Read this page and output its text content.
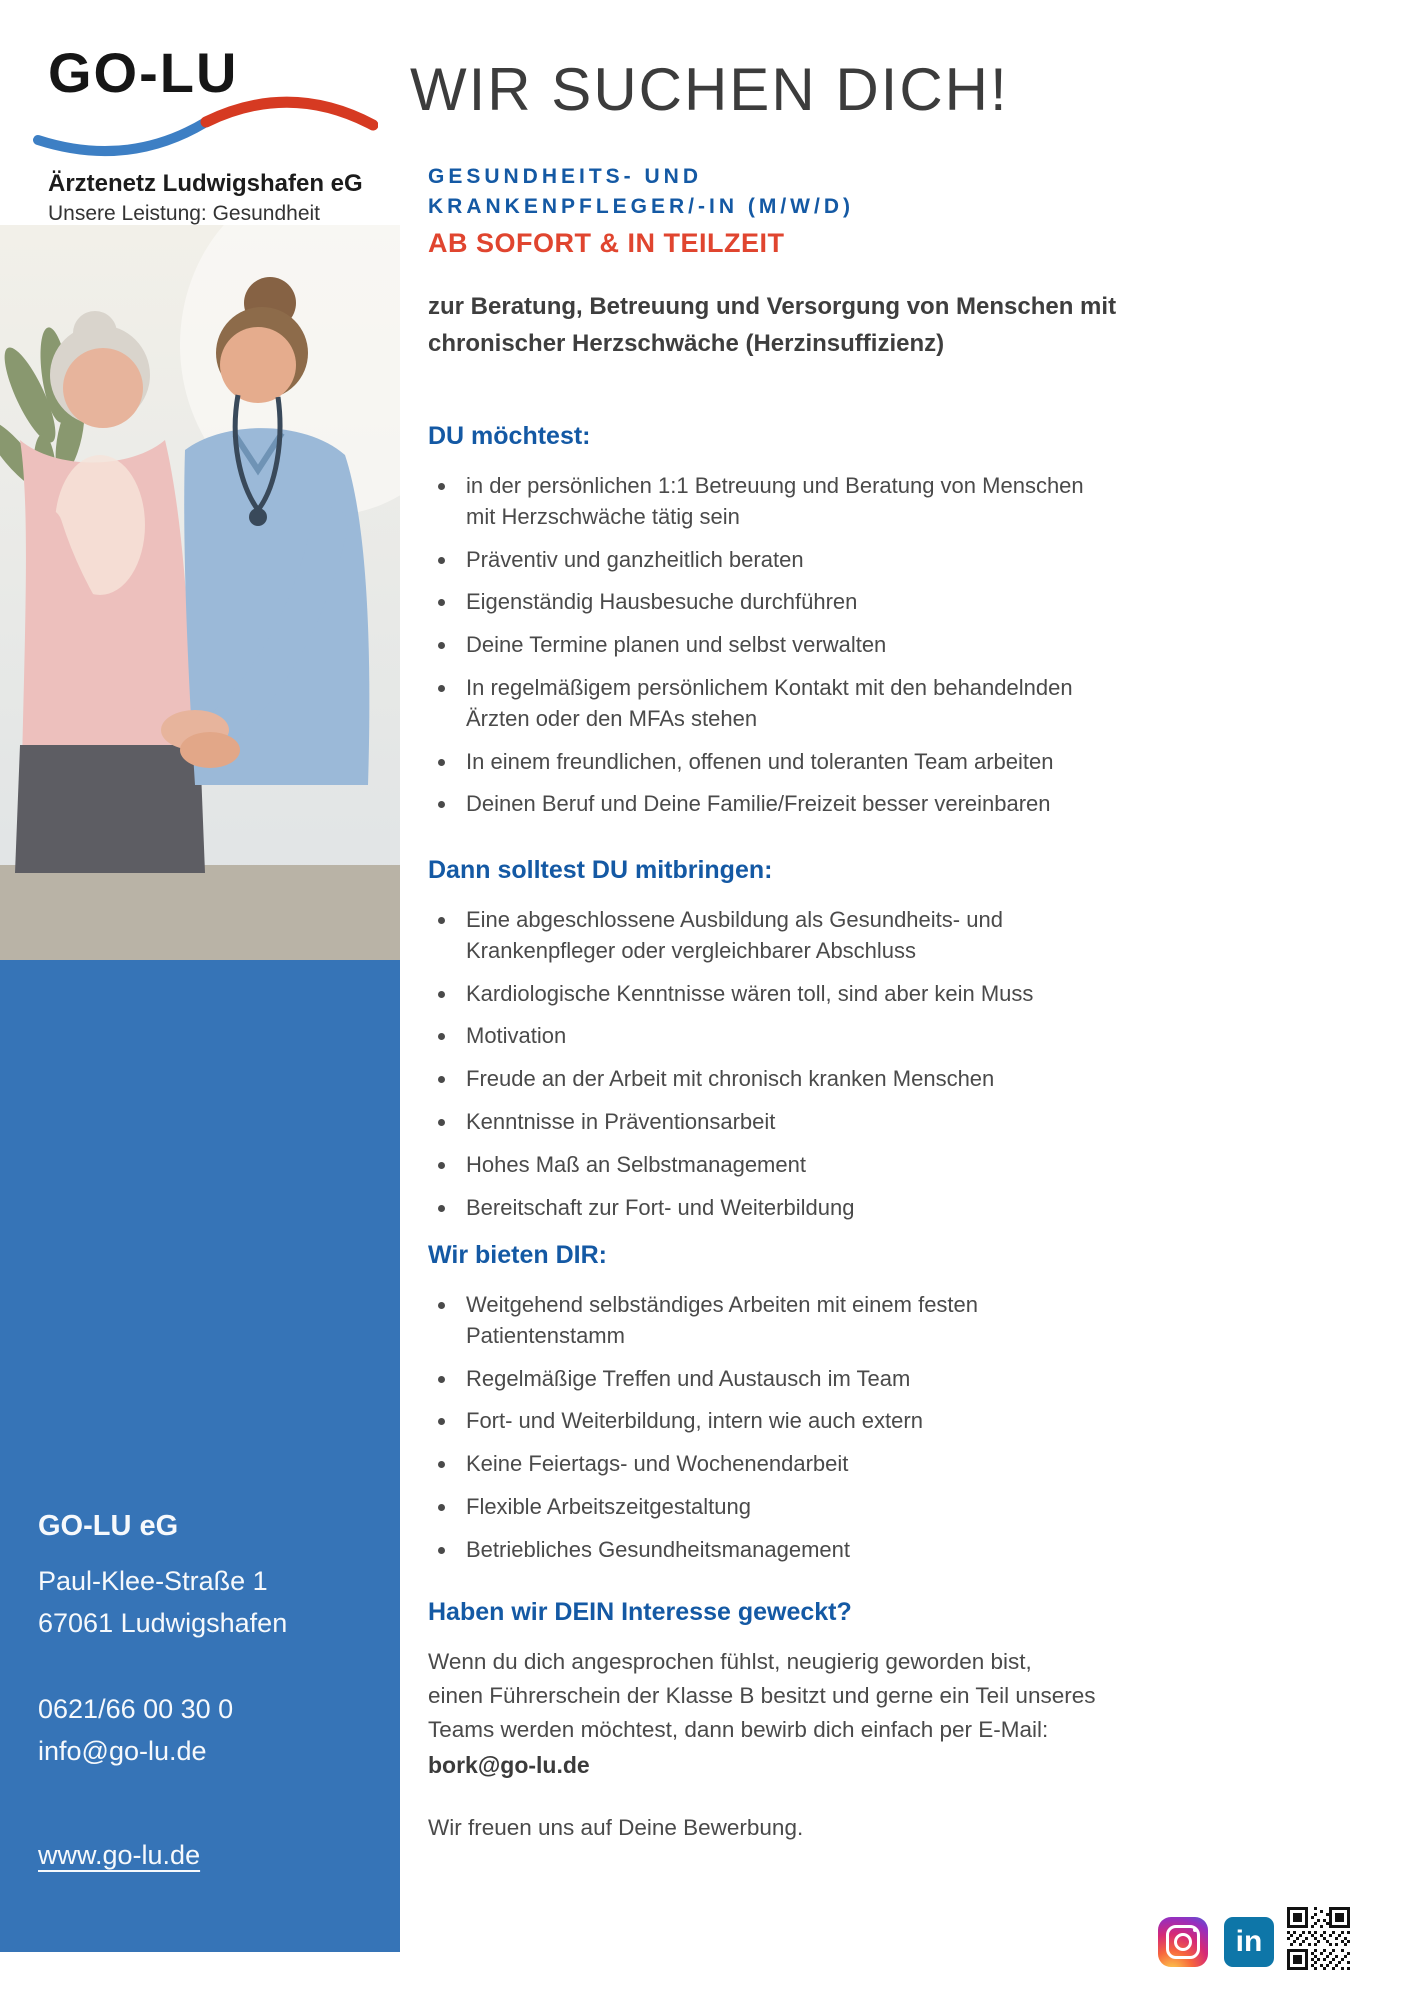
GO-LU
Ärztenetz Ludwigshafen eG
Unsere Leistung: Gesundheit
GO-LU eG
Paul-Klee-Straße 1
67061 Ludwigshafen
0621/66 00 30 0
info@go-lu.de
www.go-lu.de
WIR SUCHEN DICH!
GESUNDHEITS- UND
KRANKENPFLEGER/-IN (M/W/D)
AB SOFORT & IN TEILZEIT

zur Beratung, Betreuung und Versorgung von Menschen mit chronischer Herzschwäche (Herzinsuffizienz)

DU möchtest:
• in der persönlichen 1:1 Betreuung und Beratung von Menschen mit Herzschwäche tätig sein
• Präventiv und ganzheitlich beraten
• Eigenständig Hausbesuche durchführen
• Deine Termine planen und selbst verwalten
• In regelmäßigem persönlichem Kontakt mit den behandelnden Ärzten oder den MFAs stehen
• In einem freundlichen, offenen und toleranten Team arbeiten
• Deinen Beruf und Deine Familie/Freizeit besser vereinbaren
Dann solltest DU mitbringen:
• Eine abgeschlossene Ausbildung als Gesundheits- und Krankenpfleger oder vergleichbarer Abschluss
• Kardiologische Kenntnisse wären toll, sind aber kein Muss
• Motivation
• Freude an der Arbeit mit chronisch kranken Menschen
• Kenntnisse in Präventionsarbeit
• Hohes Maß an Selbstmanagement
• Bereitschaft zur Fort- und Weiterbildung
Wir bieten DIR:
• Weitgehend selbständiges Arbeiten mit einem festen Patientenstamm
• Regelmäßige Treffen und Austausch im Team
• Fort- und Weiterbildung, intern wie auch extern
• Keine Feiertags- und Wochenendarbeit
• Flexible Arbeitszeitgestaltung
• Betriebliches Gesundheitsmanagement
Haben wir DEIN Interesse geweckt?
Wenn du dich angesprochen fühlst, neugierig geworden bist,
einen Führerschein der Klasse B besitzt und gerne ein Teil unseres
Teams werden möchtest, dann bewirb dich einfach per E-Mail:
bork@go-lu.de
Wir freuen uns auf Deine Bewerbung.
in
